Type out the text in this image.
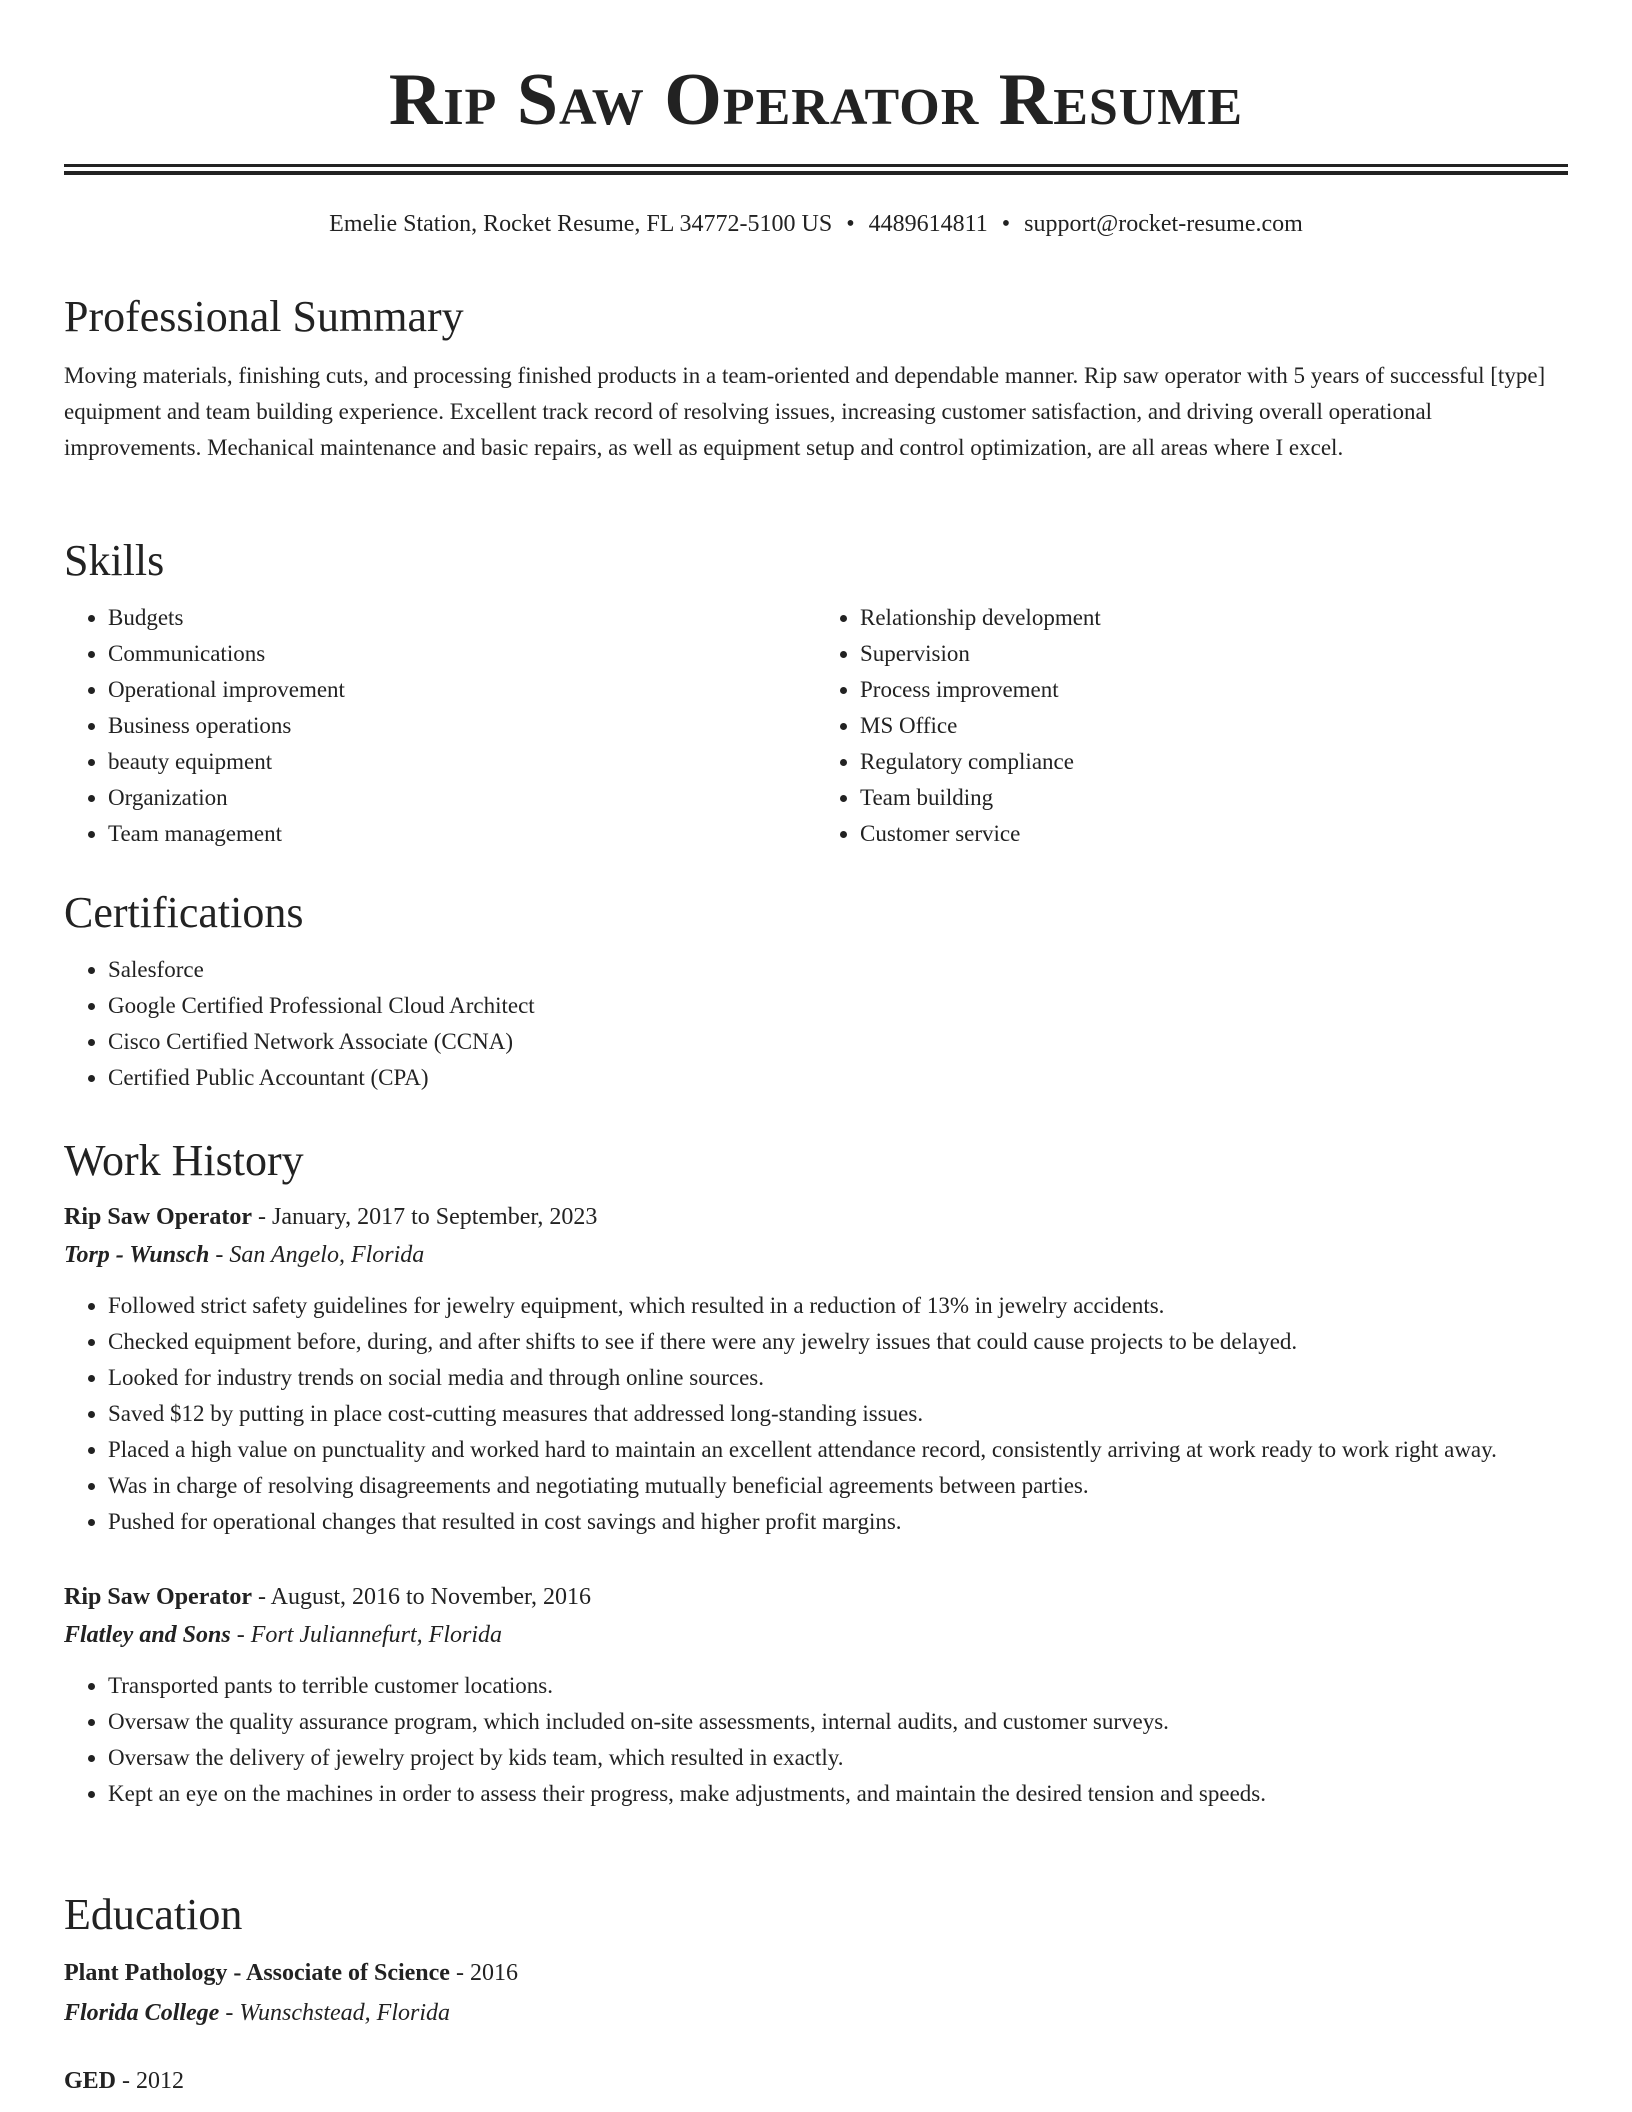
Rip Saw Operator Resume
Emelie Station, Rocket Resume, FL 34772-5100 US • 4489614811 • support@rocket-resume.com
Professional Summary

Moving materials, finishing cuts, and processing finished products in a team-oriented and dependable manner. Rip saw operator with 5 years of successful [type] equipment and team building experience. Excellent track record of resolving issues, increasing customer satisfaction, and driving overall operational improvements. Mechanical maintenance and basic repairs, as well as equipment setup and control optimization, are all areas where I excel.

Skills
• Budgets
• Communications
• Operational improvement
• Business operations
• beauty equipment
• Organization
• Team management
• Relationship development
• Supervision
• Process improvement
• MS Office
• Regulatory compliance
• Team building
• Customer service
Certifications
• Salesforce
• Google Certified Professional Cloud Architect
• Cisco Certified Network Associate (CCNA)
• Certified Public Accountant (CPA)
Work History
Rip Saw Operator - January, 2017 to September, 2023
Torp - Wunsch - San Angelo, Florida
• Followed strict safety guidelines for jewelry equipment, which resulted in a reduction of 13% in jewelry accidents.
• Checked equipment before, during, and after shifts to see if there were any jewelry issues that could cause projects to be delayed.
• Looked for industry trends on social media and through online sources.
• Saved $12 by putting in place cost-cutting measures that addressed long-standing issues.
• Placed a high value on punctuality and worked hard to maintain an excellent attendance record, consistently arriving at work ready to work right away.
• Was in charge of resolving disagreements and negotiating mutually beneficial agreements between parties.
• Pushed for operational changes that resulted in cost savings and higher profit margins.
Rip Saw Operator - August, 2016 to November, 2016
Flatley and Sons - Fort Juliannefurt, Florida
• Transported pants to terrible customer locations.
• Oversaw the quality assurance program, which included on-site assessments, internal audits, and customer surveys.
• Oversaw the delivery of jewelry project by kids team, which resulted in exactly.
• Kept an eye on the machines in order to assess their progress, make adjustments, and maintain the desired tension and speeds.
Education
Plant Pathology - Associate of Science - 2016
Florida College - Wunschstead, Florida
GED - 2012
